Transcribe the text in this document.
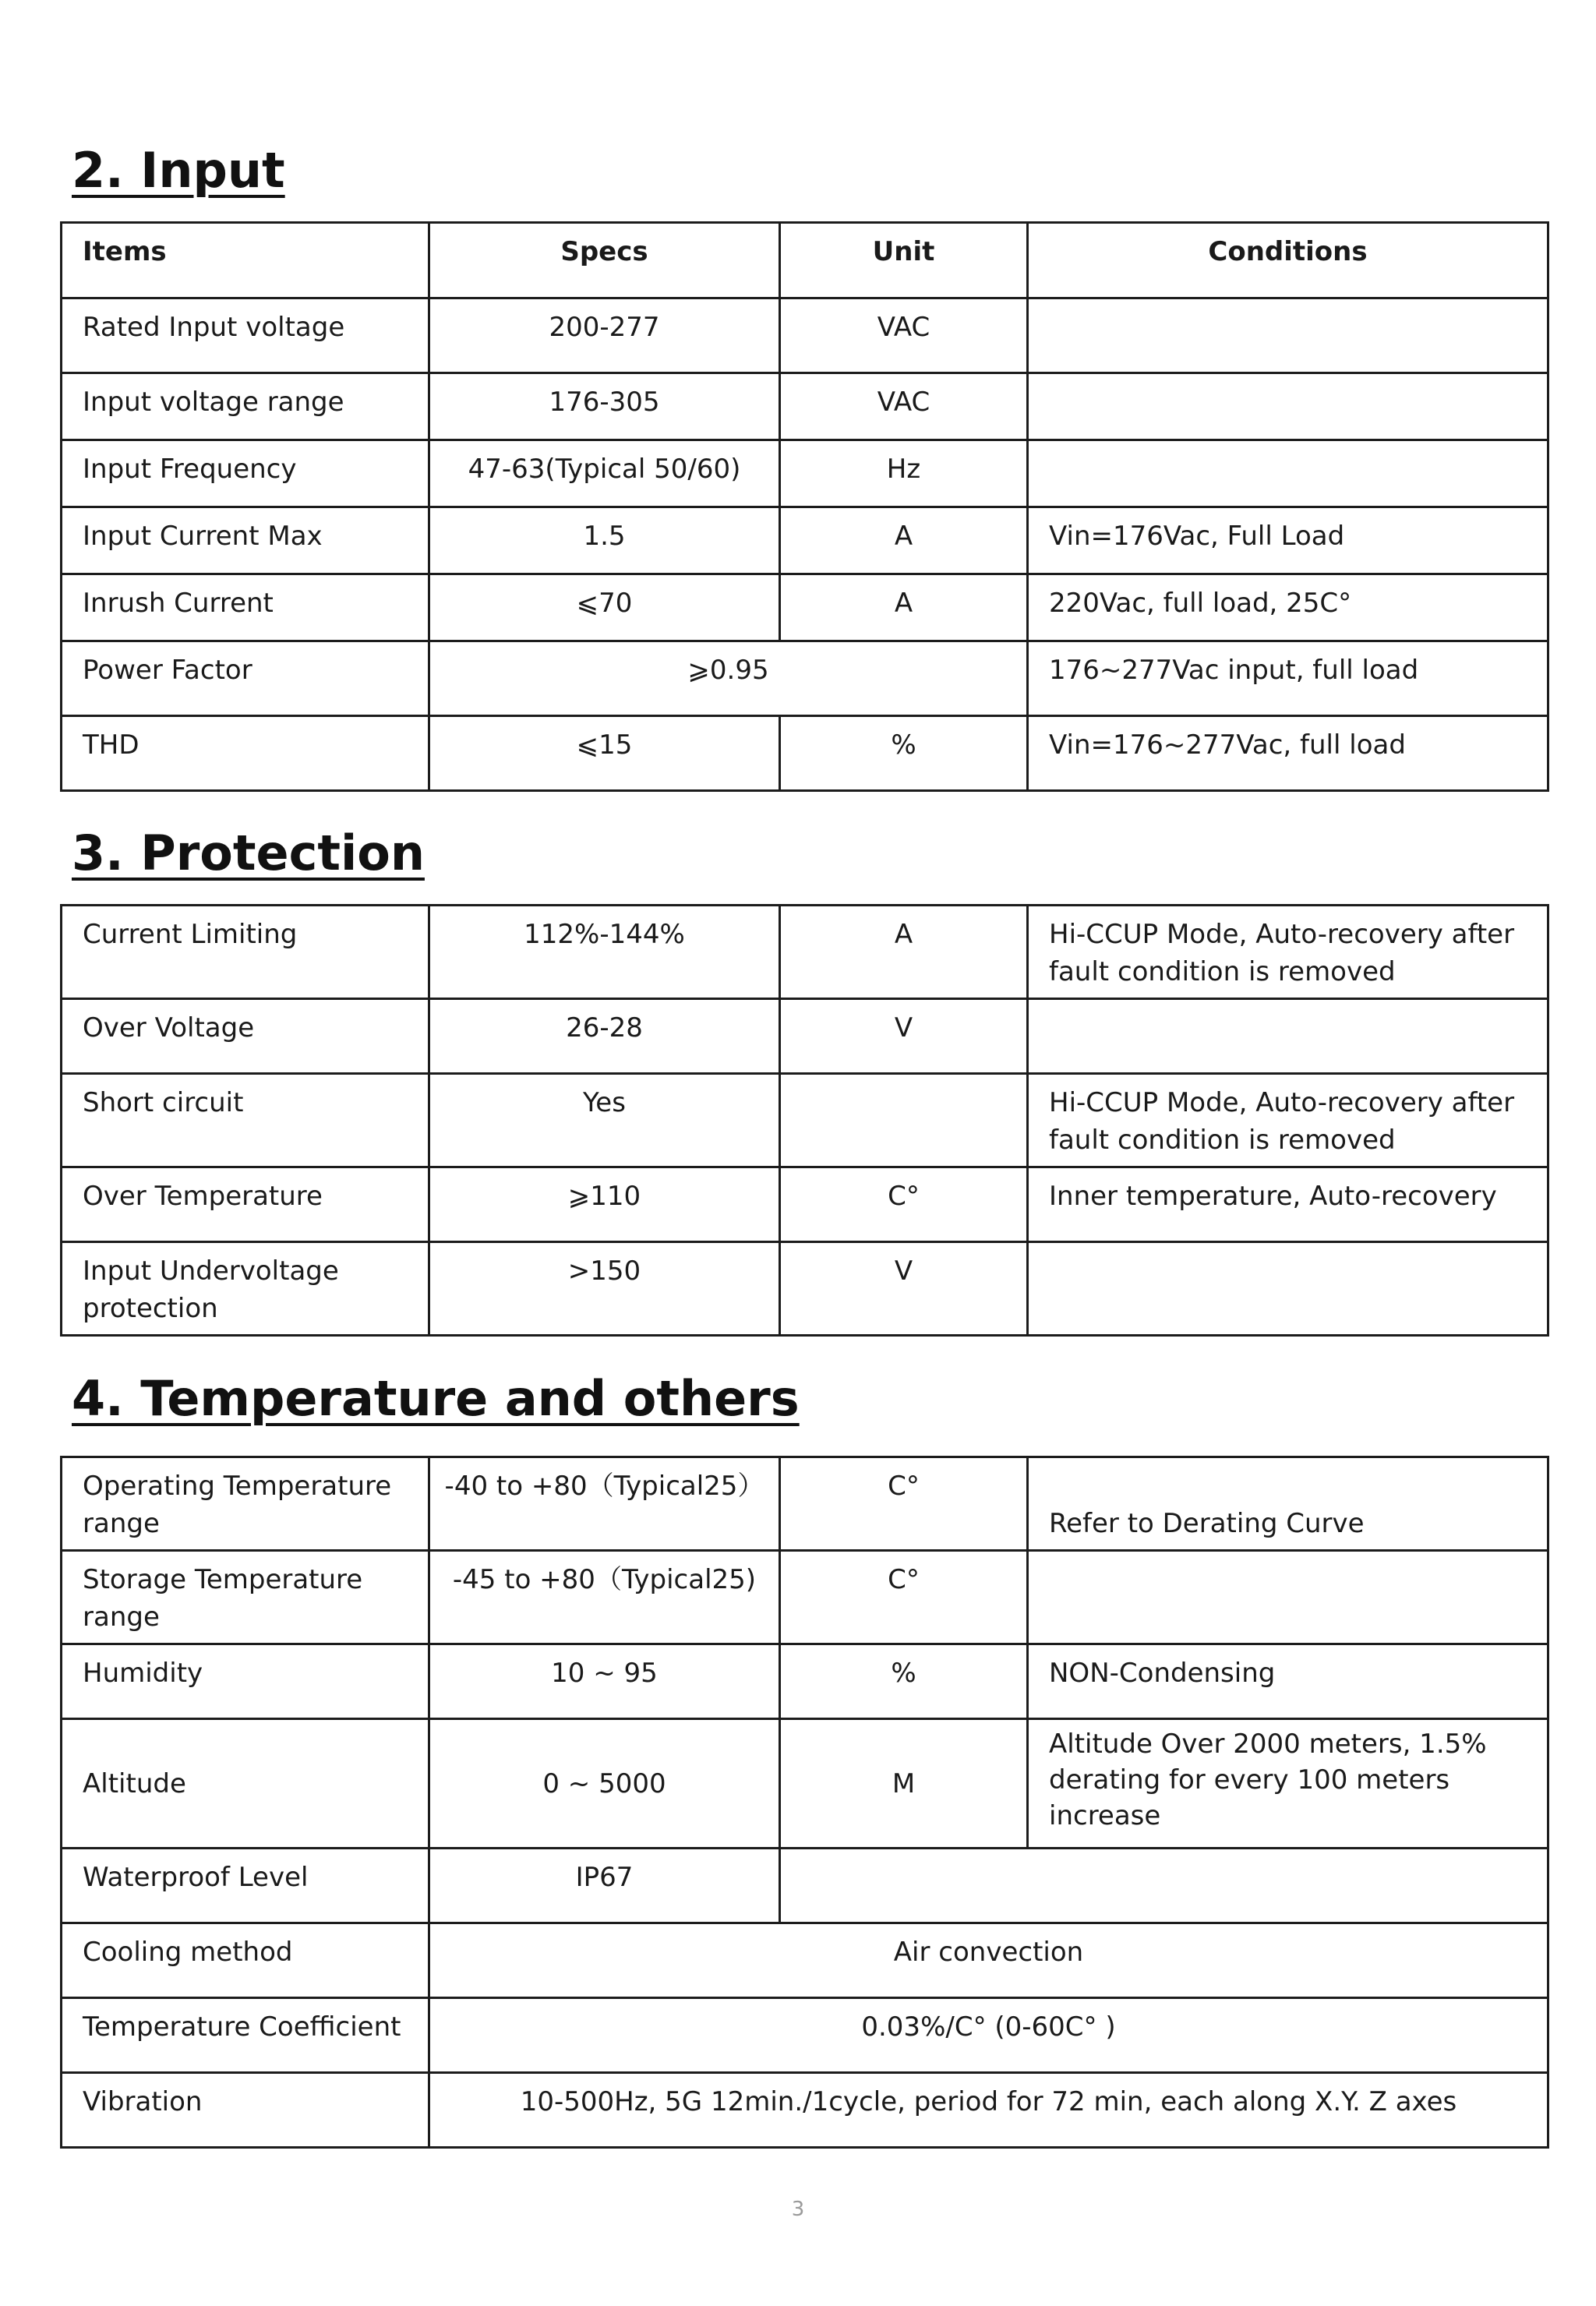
2. Input
Items	Specs	Unit	Conditions
Rated Input voltage	200-277	VAC	
Input voltage range	176-305	VAC	
Input Frequency	47-63(Typical 50/60)	Hz	
Input Current Max	1.5	A	Vin=176Vac, Full Load
Inrush Current	⩽70	A	220Vac, full load, 25C°
Power Factor	⩾0.95		176~277Vac input, full load
THD	⩽15	%	Vin=176~277Vac, full load
3. Protection
Current Limiting	112%-144%	A	Hi-CCUP Mode, Auto-recovery after fault condition is removed
Over Voltage	26-28	V	
Short circuit	Yes		Hi-CCUP Mode, Auto-recovery after fault condition is removed
Over Temperature	⩾110	C°	Inner temperature, Auto-recovery
Input Undervoltage protection	>150	V	
4. Temperature and others
Operating Temperature range	-40 to +80（Typical25）	C°	Refer to Derating Curve
Storage Temperature range	-45 to +80（Typical25)	C°	
Humidity	10 ~ 95	%	NON-Condensing
Altitude	0 ~ 5000	M	Altitude Over 2000 meters, 1.5% derating for every 100 meters increase
Waterproof Level	IP67		
Cooling method	Air convection		
Temperature Coefficient	0.03%/C° (0-60C° )		
Vibration	10-500Hz, 5G 12min./1cycle, period for 72 min, each along X.Y. Z axes		
3
